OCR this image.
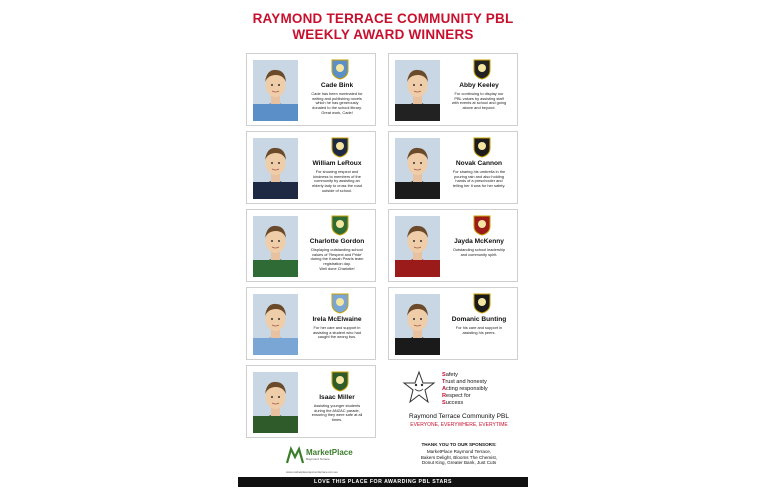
RAYMOND TERRACE COMMUNITY PBL
WEEKLY AWARD WINNERS
Cade Bink
Cade has been nominated for
writing and publishing novels
which he has generously
donated to the school library.
Great work, Cade!
Abby Keeley
For continuing to display our
PBL values by assisting staff
with events at school and going
above and beyond.
William LeRoux
For showing respect and
kindness to members of the
community by assisting an
elderly lady to cross the road
outside of school.
Novak Cannon
For sharing his umbrella in the
pouring rain and also holding
hands of a preschooler and
telling her it was for her safety.
Charlotte Gordon
Displaying outstanding school
values of 'Respect and Pride'
during the Karuah Pearls team
registration day.
Well done Charlotte!
Jayda McKenny
Outstanding school leadership
and community spirit.
Irela McElwaine
For her care and support in
assisting a student who had
caught the wrong bus.
Domanic Bunting
For his care and support in
assisting his peers.
Isaac Miller
Assisting younger students
during the ANZAC parade,
ensuring they were safe at all
times.
Safety
Trust and honesty
Acting responsibly
Respect for
Success
Raymond Terrace Community PBL
EVERYONE, EVERYWHERE, EVERYTIME
THANK YOU TO OUR SPONSORS:
MarketPlace Raymond Terrace,
Bakers Delight, Blooms The Chemist,
Donut King, Greater Bank, Just Cuts
MarketPlace
Raymond Terrace
www.marketplaceraymondterrace.com.au
LOVE THIS PLACE FOR AWARDING PBL STARS
